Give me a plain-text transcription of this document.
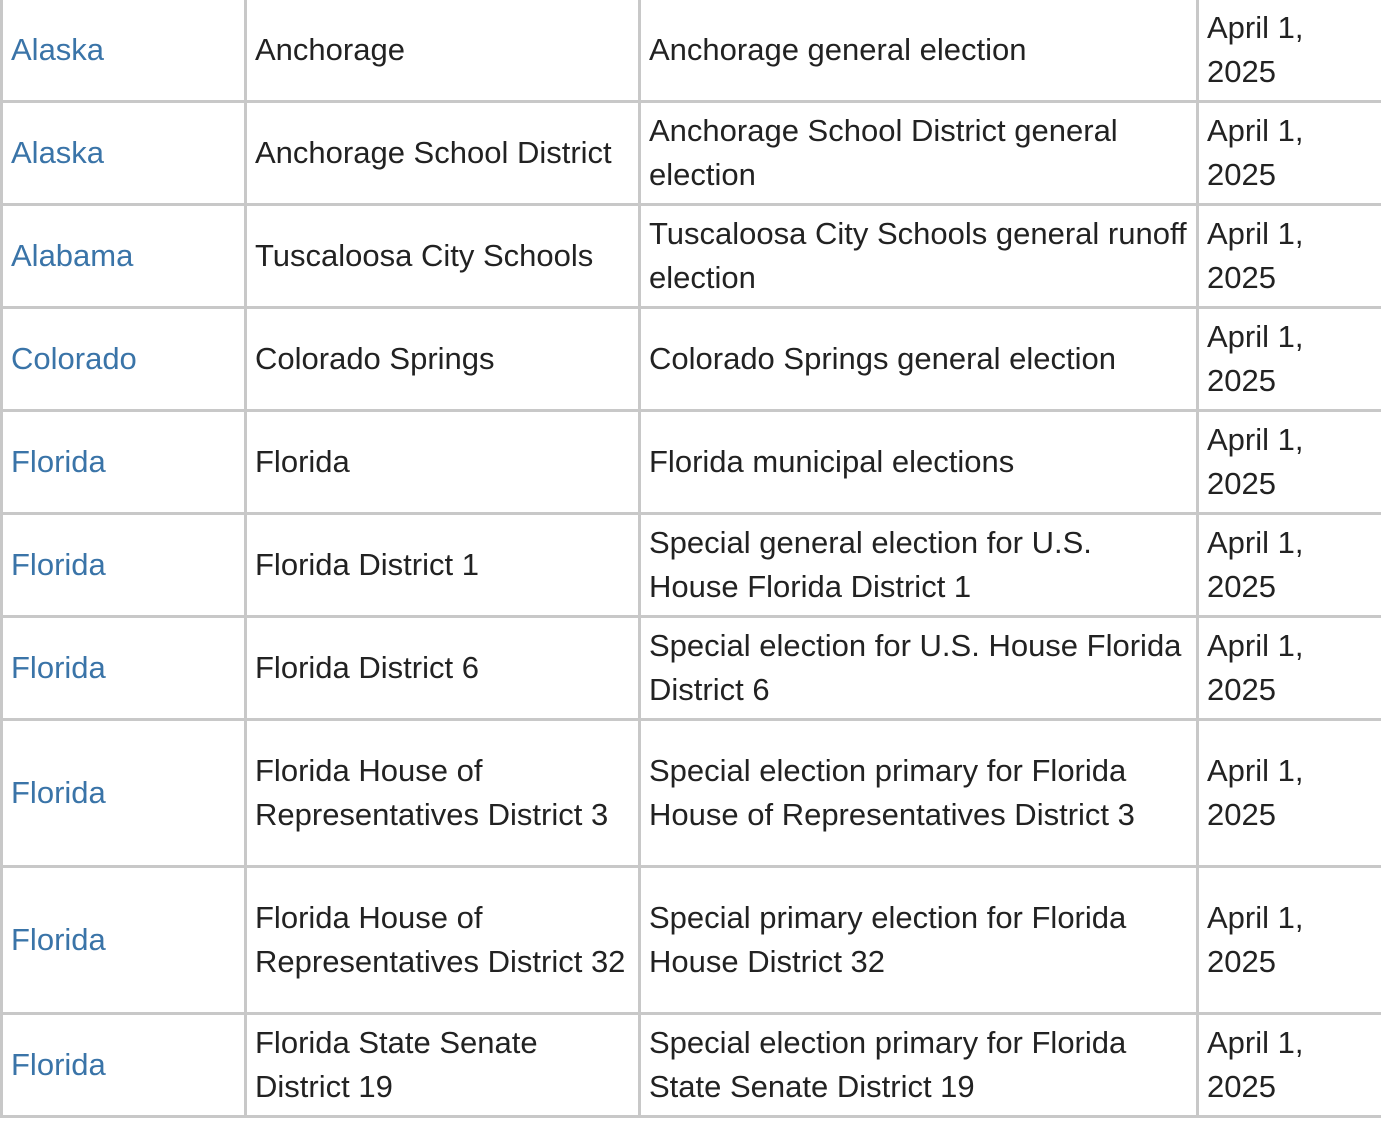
Alaska	Anchorage	Anchorage general election	April 1, 2025
Alaska	Anchorage School District	Anchorage School District general election	April 1, 2025
Alabama	Tuscaloosa City Schools	Tuscaloosa City Schools general runoff election	April 1, 2025
Colorado	Colorado Springs	Colorado Springs general election	April 1, 2025
Florida	Florida	Florida municipal elections	April 1, 2025
Florida	Florida District 1	Special general election for U.S. House Florida District 1	April 1, 2025
Florida	Florida District 6	Special election for U.S. House Florida District 6	April 1, 2025
Florida	Florida House of Representatives District 3	Special election primary for Florida House of Representatives District 3	April 1, 2025
Florida	Florida House of Representatives District 32	Special primary election for Florida House District 32	April 1, 2025
Florida	Florida State Senate District 19	Special election primary for Florida State Senate District 19	April 1, 2025
